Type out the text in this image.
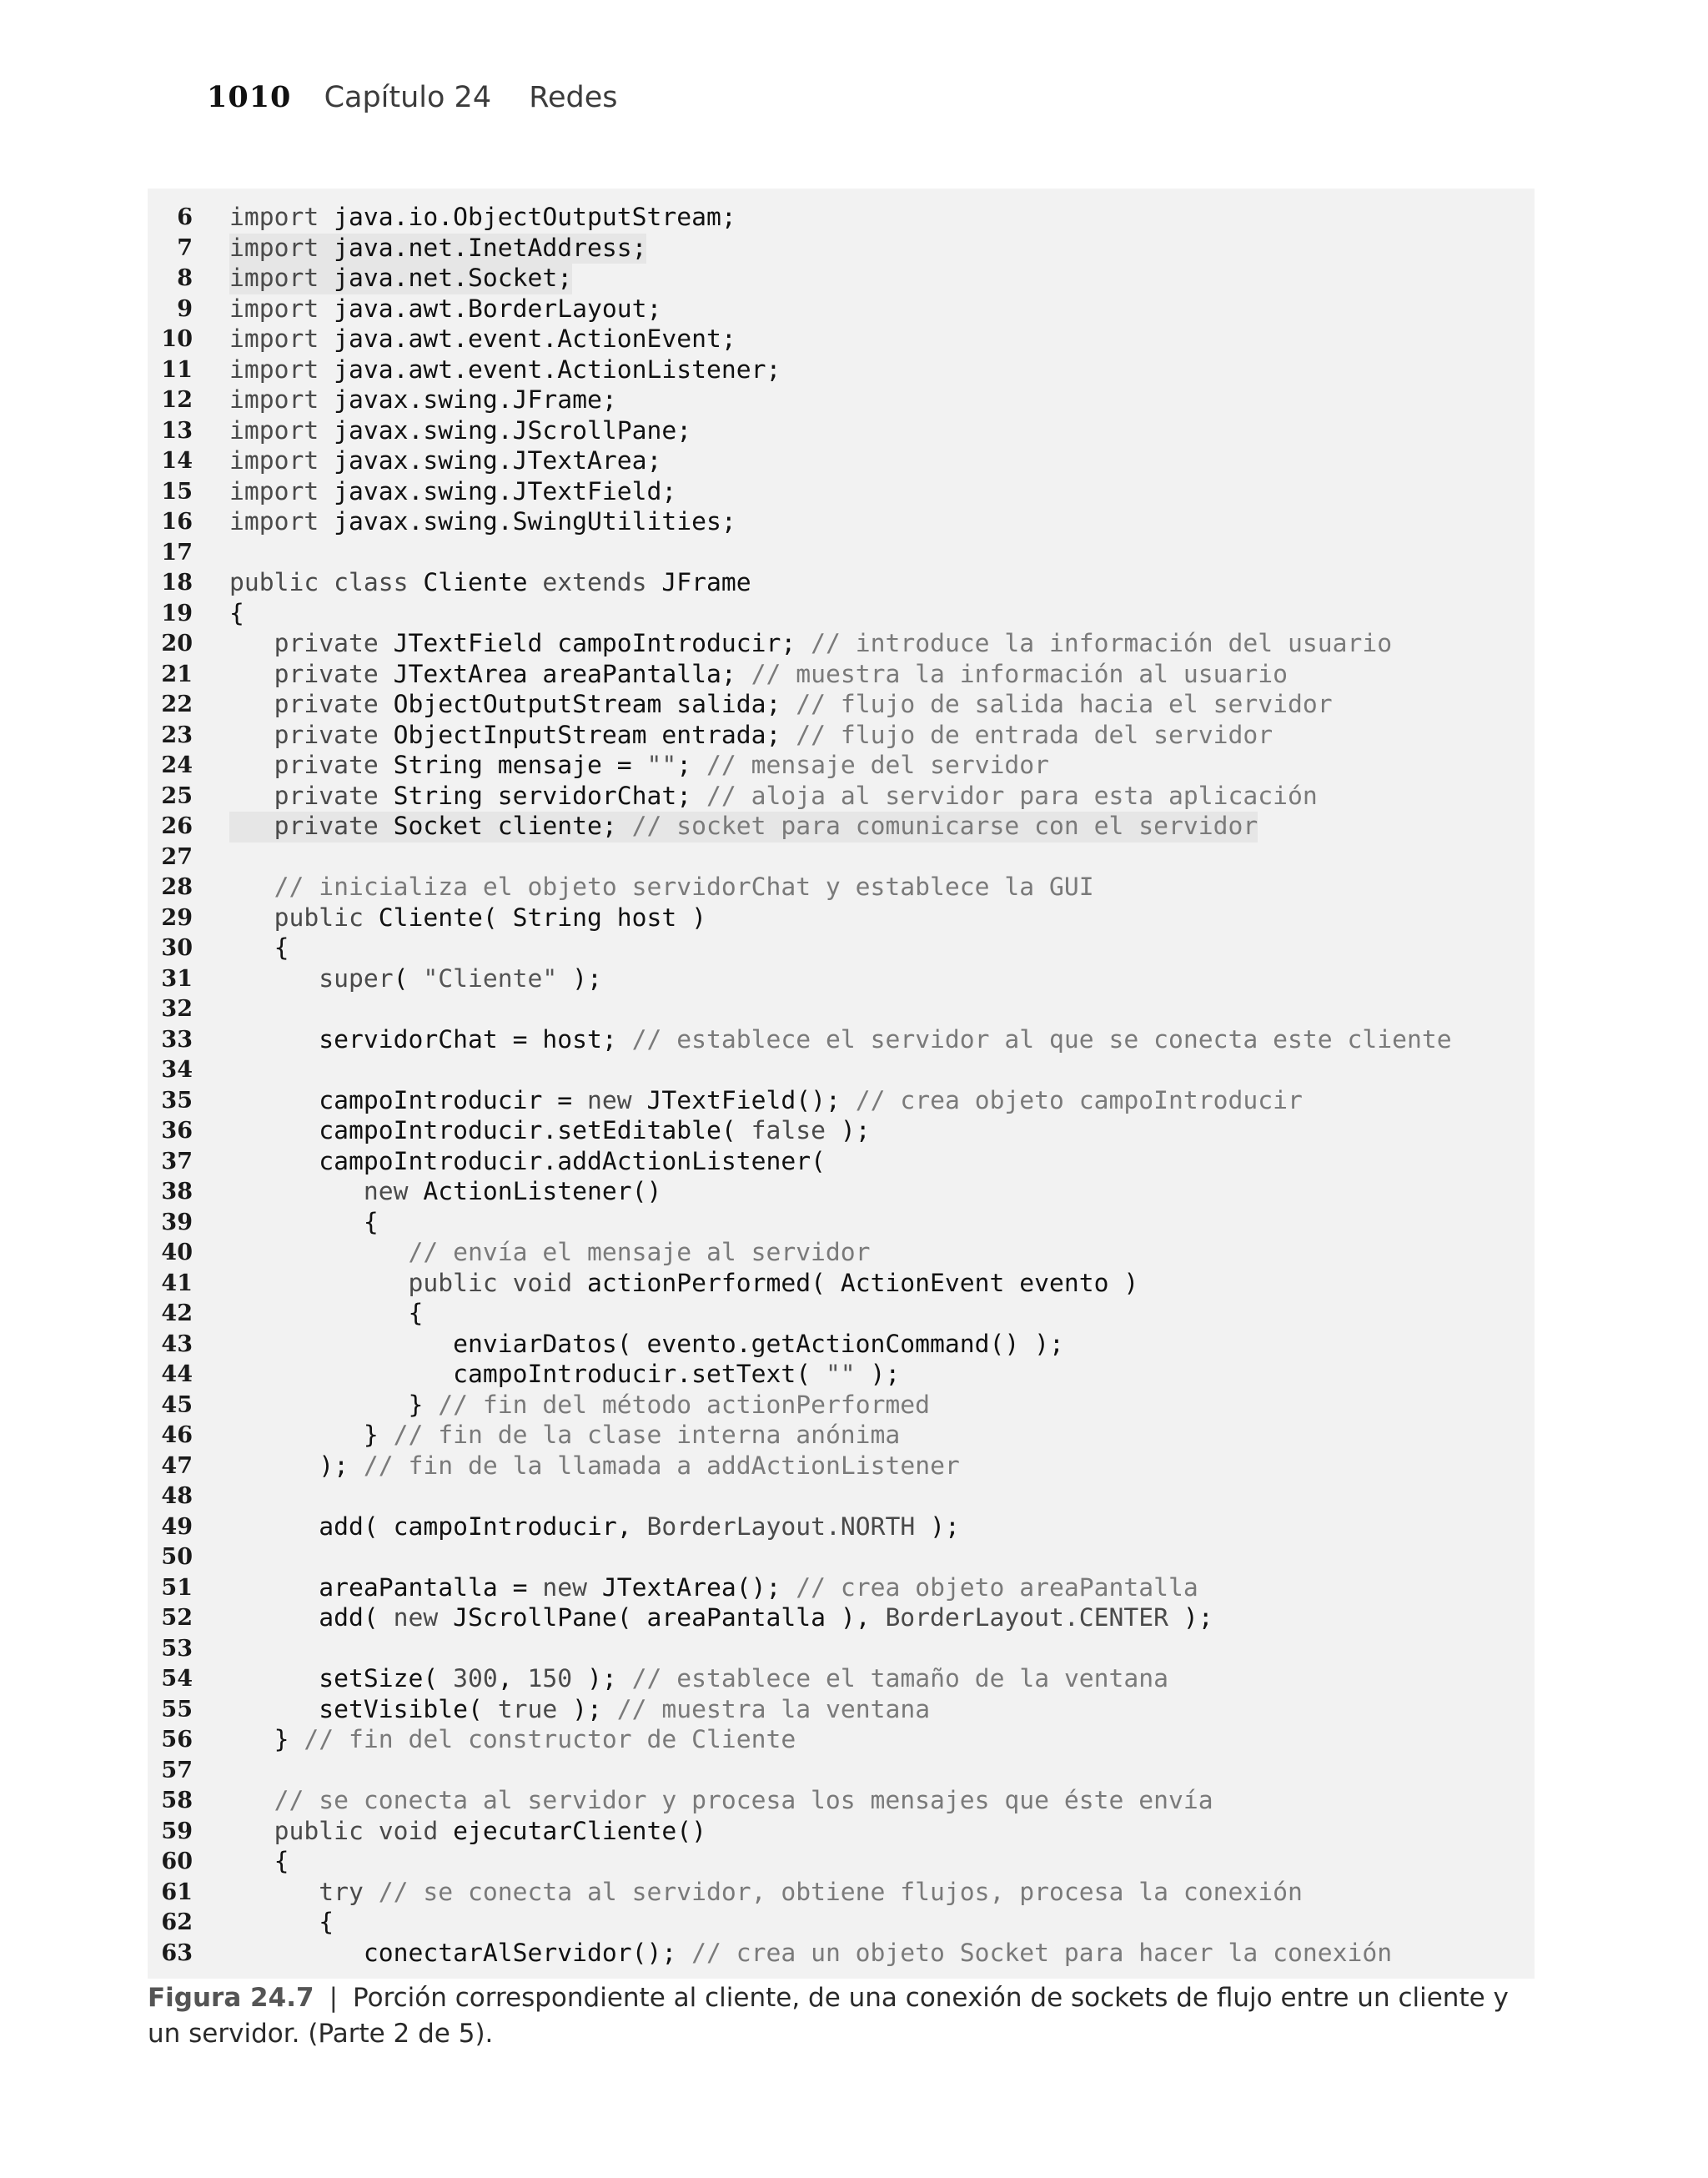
1010 Capítulo 24 Redes
6 import java.io.ObjectOutputStream;
7 import java.net.InetAddress;
8 import java.net.Socket;
9 import java.awt.BorderLayout;
10 import java.awt.event.ActionEvent;
11 import java.awt.event.ActionListener;
12 import javax.swing.JFrame;
13 import javax.swing.JScrollPane;
14 import javax.swing.JTextArea;
15 import javax.swing.JTextField;
16 import javax.swing.SwingUtilities;
17
18 public class Cliente extends JFrame
19 {
20 private JTextField campoIntroducir; // introduce la información del usuario
21 private JTextArea areaPantalla; // muestra la información al usuario
22 private ObjectOutputStream salida; // flujo de salida hacia el servidor
23 private ObjectInputStream entrada; // flujo de entrada del servidor
24 private String mensaje = ""; // mensaje del servidor
25 private String servidorChat; // aloja al servidor para esta aplicación
26 private Socket cliente; // socket para comunicarse con el servidor
27
28 // inicializa el objeto servidorChat y establece la GUI
29 public Cliente( String host )
30 {
31 super( "Cliente" );
32
33 servidorChat = host; // establece el servidor al que se conecta este cliente
34
35 campoIntroducir = new JTextField(); // crea objeto campoIntroducir
36 campoIntroducir.setEditable( false );
37 campoIntroducir.addActionListener(
38 new ActionListener()
39 {
40 // envía el mensaje al servidor
41 public void actionPerformed( ActionEvent evento )
42 {
43 enviarDatos( evento.getActionCommand() );
44 campoIntroducir.setText( "" );
45 } // fin del método actionPerformed
46 } // fin de la clase interna anónima
47 ); // fin de la llamada a addActionListener
48
49 add( campoIntroducir, BorderLayout.NORTH );
50
51 areaPantalla = new JTextArea(); // crea objeto areaPantalla
52 add( new JScrollPane( areaPantalla ), BorderLayout.CENTER );
53
54 setSize( 300, 150 ); // establece el tamaño de la ventana
55 setVisible( true ); // muestra la ventana
56 } // fin del constructor de Cliente
57
58 // se conecta al servidor y procesa los mensajes que éste envía
59 public void ejecutarCliente()
60 {
61 try // se conecta al servidor, obtiene flujos, procesa la conexión
62 {
63 conectarAlServidor(); // crea un objeto Socket para hacer la conexión
Figura 24.7 | Porción correspondiente al cliente, de una conexión de sockets de flujo entre un cliente y un servidor. (Parte 2 de 5).
